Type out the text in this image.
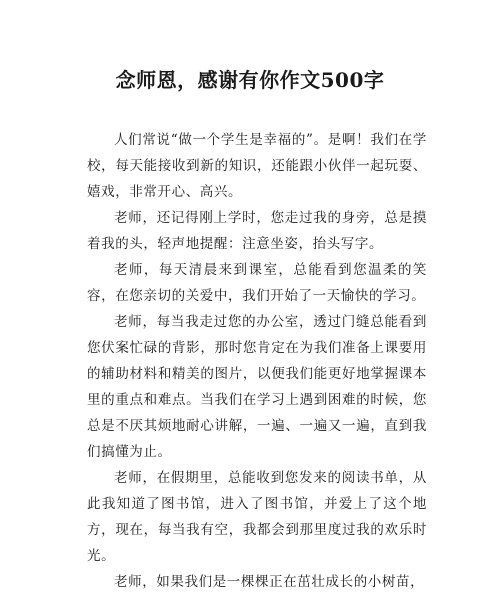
念师恩，感谢有你作文500字

人们常说“做一个学生是幸福的”。是啊！我们在学校，每天能接收到新的知识，还能跟小伙伴一起玩耍、嬉戏，非常开心、高兴。

老师，还记得刚上学时，您走过我的身旁，总是摸着我的头，轻声地提醒：注意坐姿，抬头写字。

老师，每天清晨来到课室，总能看到您温柔的笑容，在您亲切的关爱中，我们开始了一天愉快的学习。

老师，每当我走过您的办公室，透过门缝总能看到您伏案忙碌的背影，那时您肯定在为我们准备上课要用的辅助材料和精美的图片，以便我们能更好地掌握课本里的重点和难点。当我们在学习上遇到困难的时候，您总是不厌其烦地耐心讲解，一遍、一遍又一遍，直到我们搞懂为止。

老师，在假期里，总能收到您发来的阅读书单，从此我知道了图书馆，进入了图书馆，并爱上了这个地方，现在，每当我有空，我都会到那里度过我的欢乐时光。

老师，如果我们是一棵棵正在茁壮成长的小树苗，
